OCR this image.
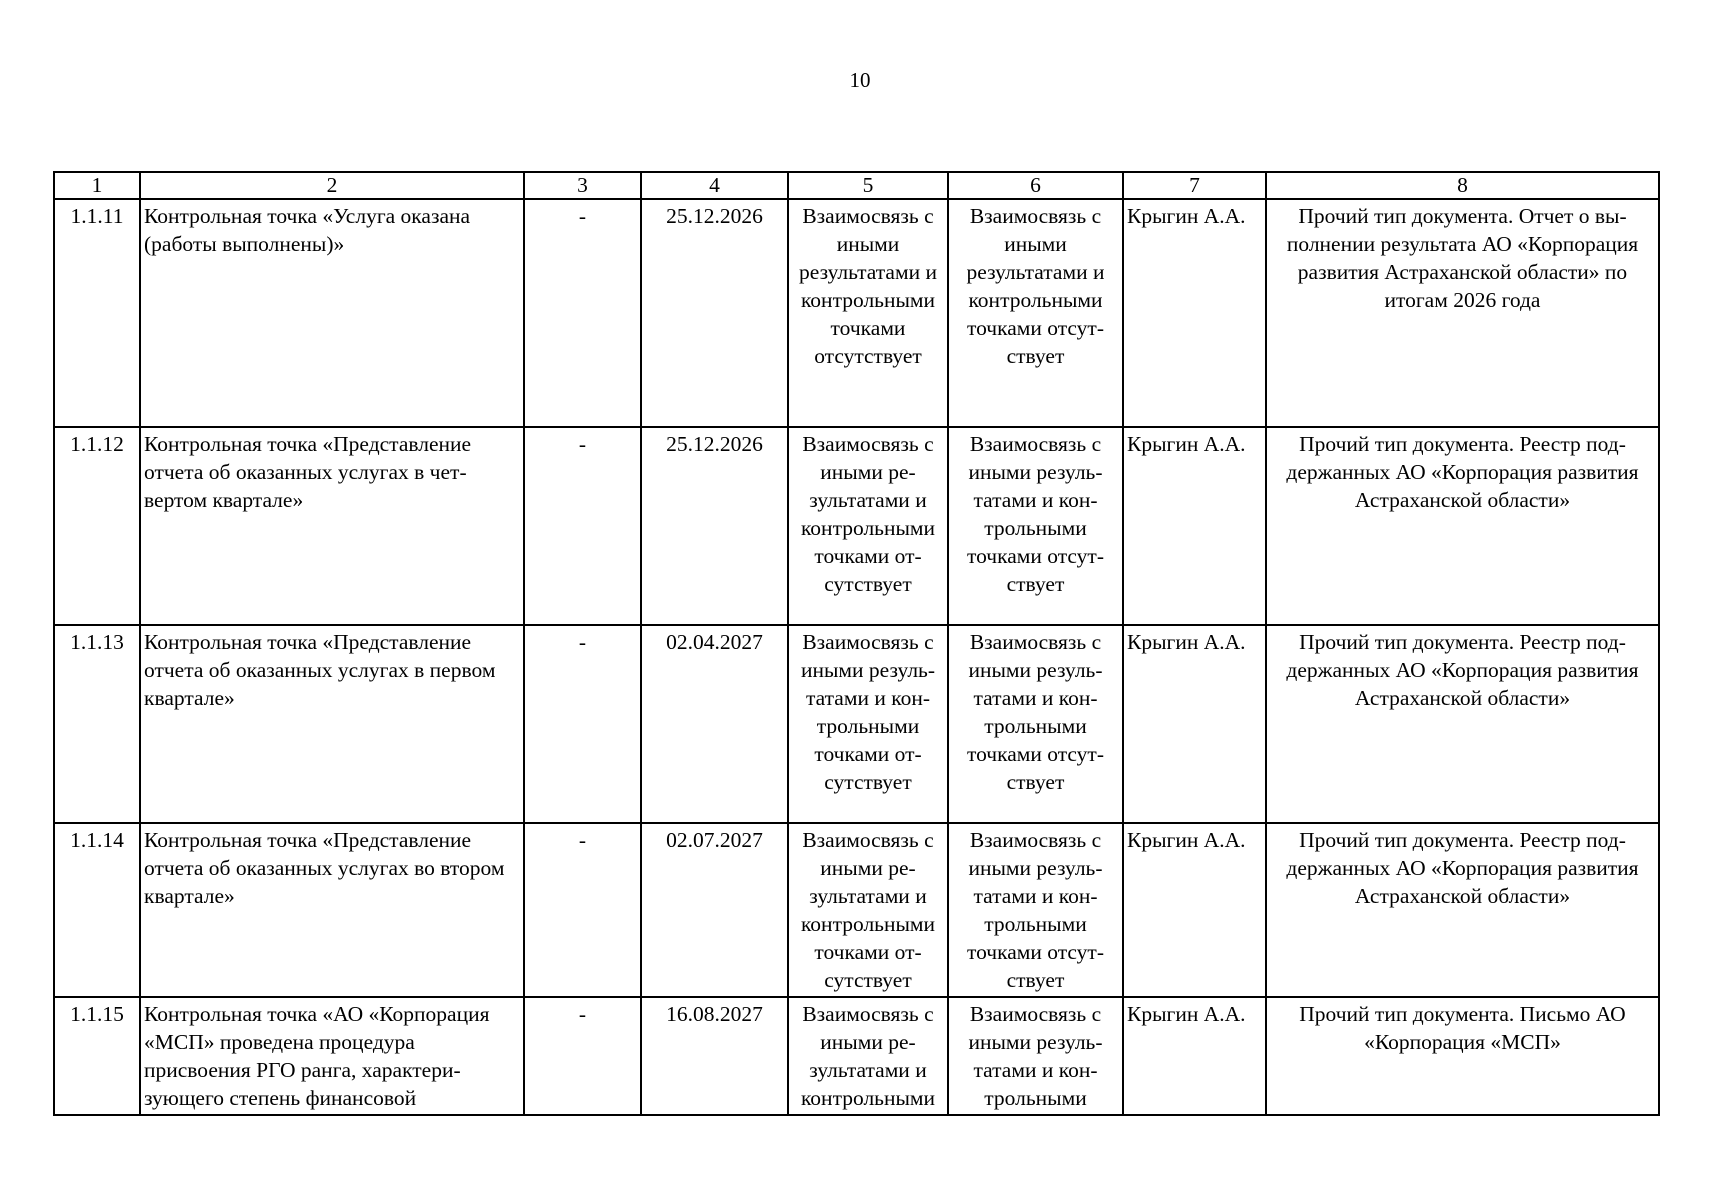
10
1	2	3	4	5	6	7	8
1.1.11	Контрольная точка «Услуга оказана (работы выполнены)»	-	25.12.2026	Взаимосвязь с иными результатами и контрольными точками отсутствует	Взаимосвязь с иными результатами и контрольными точками отсутствует	Крыгин А.А.	Прочий тип документа. Отчет о выполнении результата АО «Корпорация развития Астраханской области» по итогам 2026 года
1.1.12	Контрольная точка «Представление отчета об оказанных услугах в четвертом квартале»	-	25.12.2026	Взаимосвязь с иными результатами и контрольными точками отсутствует	Взаимосвязь с иными результатами и контрольными точками отсутствует	Крыгин А.А.	Прочий тип документа. Реестр поддержанных АО «Корпорация развития Астраханской области»
1.1.13	Контрольная точка «Представление отчета об оказанных услугах в первом квартале»	-	02.04.2027	Взаимосвязь с иными результатами и контрольными точками отсутствует	Взаимосвязь с иными результатами и контрольными точками отсутствует	Крыгин А.А.	Прочий тип документа. Реестр поддержанных АО «Корпорация развития Астраханской области»
1.1.14	Контрольная точка «Представление отчета об оказанных услугах во втором квартале»	-	02.07.2027	Взаимосвязь с иными результатами и контрольными точками отсутствует	Взаимосвязь с иными результатами и контрольными точками отсутствует	Крыгин А.А.	Прочий тип документа. Реестр поддержанных АО «Корпорация развития Астраханской области»
1.1.15	Контрольная точка «АО «Корпорация «МСП» проведена процедура присвоения РГО ранга, характеризующего степень финансовой	-	16.08.2027	Взаимосвязь с иными результатами и контрольными	Взаимосвязь с иными результатами и контрольными	Крыгин А.А.	Прочий тип документа. Письмо АО «Корпорация «МСП»
